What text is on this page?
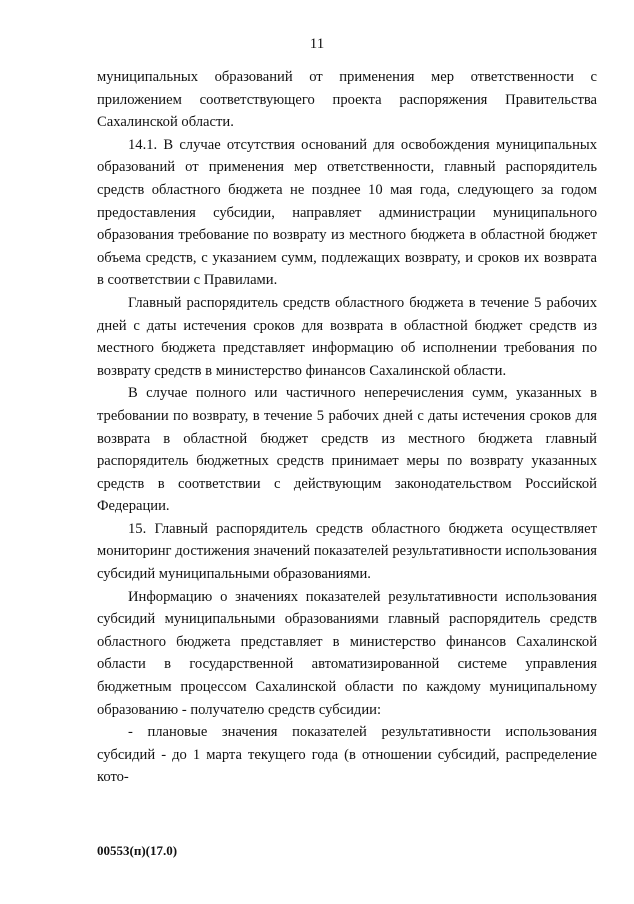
11

муниципальных образований от применения мер ответственности с приложением соответствующего проекта распоряжения Правительства Сахалинской области.

14.1. В случае отсутствия оснований для освобождения муниципальных образований от применения мер ответственности, главный распорядитель средств областного бюджета не позднее 10 мая года, следующего за годом предоставления субсидии, направляет администрации муниципального образования требование по возврату из местного бюджета в областной бюджет объема средств, с указанием сумм, подлежащих возврату, и сроков их возврата в соответствии с Правилами.

Главный распорядитель средств областного бюджета в течение 5 рабочих дней с даты истечения сроков для возврата в областной бюджет средств из местного бюджета представляет информацию об исполнении требования по возврату средств в министерство финансов Сахалинской области.

В случае полного или частичного неперечисления сумм, указанных в требовании по возврату, в течение 5 рабочих дней с даты истечения сроков для возврата в областной бюджет средств из местного бюджета главный распорядитель бюджетных средств принимает меры по возврату указанных средств в соответствии с действующим законодательством Российской Федерации.

15. Главный распорядитель средств областного бюджета осуществляет мониторинг достижения значений показателей результативности использования субсидий муниципальными образованиями.

Информацию о значениях показателей результативности использования субсидий муниципальными образованиями главный распорядитель средств областного бюджета представляет в министерство финансов Сахалинской области в государственной автоматизированной системе управления бюджетным процессом Сахалинской области по каждому муниципальному образованию - получателю средств субсидии:

- плановые значения показателей результативности использования субсидий - до 1 марта текущего года (в отношении субсидий, распределение кото-

00553(п)(17.0)
